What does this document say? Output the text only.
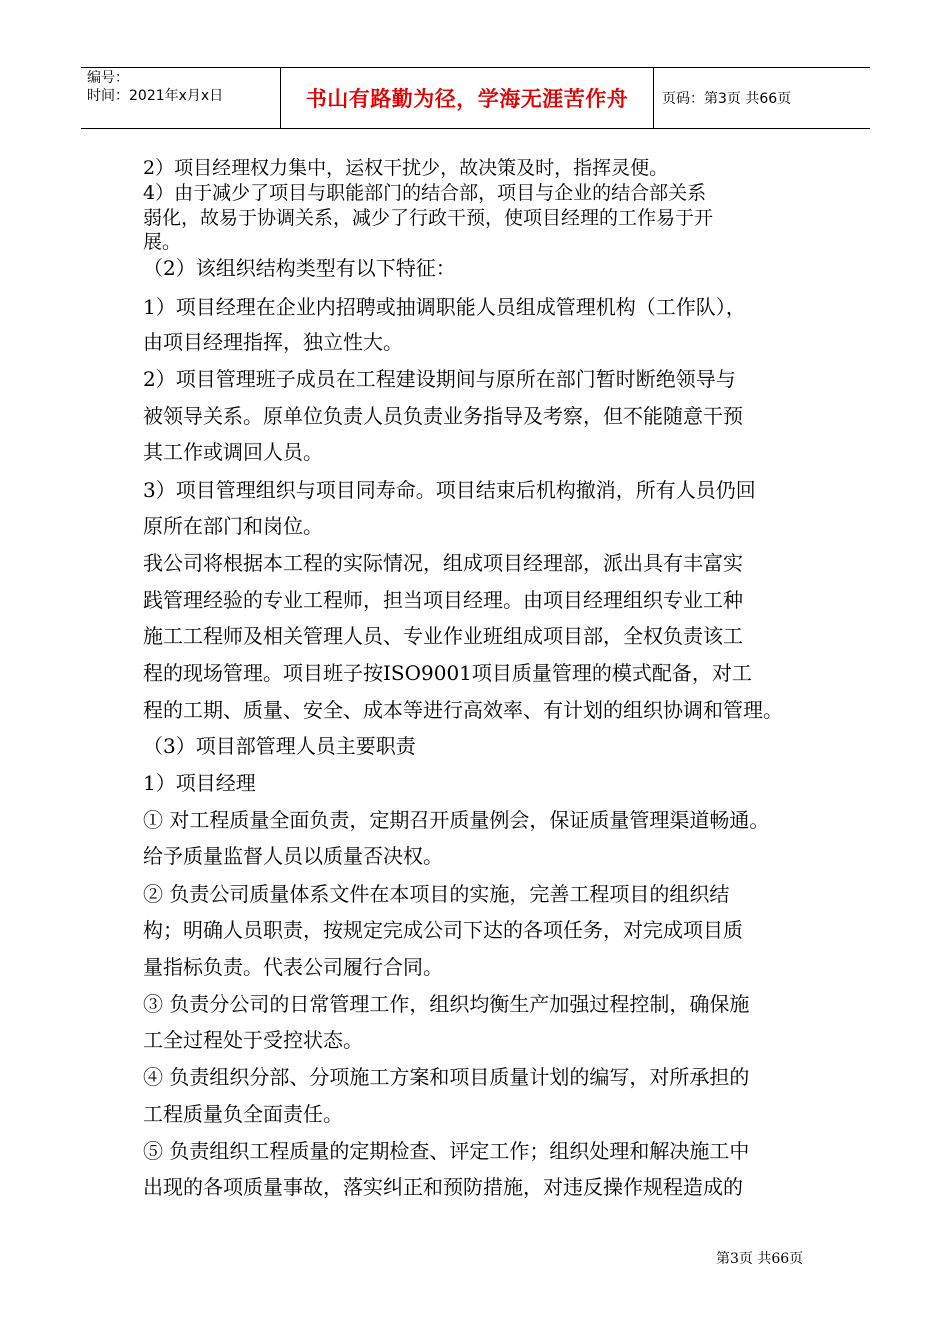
编号：
时间：2021年x月x日	书山有路勤为径，学海无涯苦作舟 页码：第3页 共66页
2）项目经理权力集中，运权干扰少，故决策及时，指挥灵便。
4）由于减少了项目与职能部门的结合部，项目与企业的结合部关系
弱化，故易于协调关系，减少了行政干预，使项目经理的工作易于开
展。
（2）该组织结构类型有以下特征：
1）项目经理在企业内招聘或抽调职能人员组成管理机构（工作队），
由项目经理指挥，独立性大。
2）项目管理班子成员在工程建设期间与原所在部门暂时断绝领导与
被领导关系。原单位负责人员负责业务指导及考察，但不能随意干预
其工作或调回人员。
3）项目管理组织与项目同寿命。项目结束后机构撤消，所有人员仍回
原所在部门和岗位。
我公司将根据本工程的实际情况，组成项目经理部，派出具有丰富实
践管理经验的专业工程师，担当项目经理。由项目经理组织专业工种
施工工程师及相关管理人员、专业作业班组成项目部，全权负责该工
程的现场管理。项目班子按ISO9001项目质量管理的模式配备，对工
程的工期、质量、安全、成本等进行高效率、有计划的组织协调和管理。
（3）项目部管理人员主要职责
1）项目经理
① 对工程质量全面负责，定期召开质量例会，保证质量管理渠道畅通。
给予质量监督人员以质量否决权。
② 负责公司质量体系文件在本项目的实施，完善工程项目的组织结
构；明确人员职责，按规定完成公司下达的各项任务，对完成项目质
量指标负责。代表公司履行合同。
③ 负责分公司的日常管理工作，组织均衡生产加强过程控制，确保施
工全过程处于受控状态。
④ 负责组织分部、分项施工方案和项目质量计划的编写，对所承担的
工程质量负全面责任。
⑤ 负责组织工程质量的定期检查、评定工作；组织处理和解决施工中
出现的各项质量事故，落实纠正和预防措施，对违反操作规程造成的
第3页 共66页
